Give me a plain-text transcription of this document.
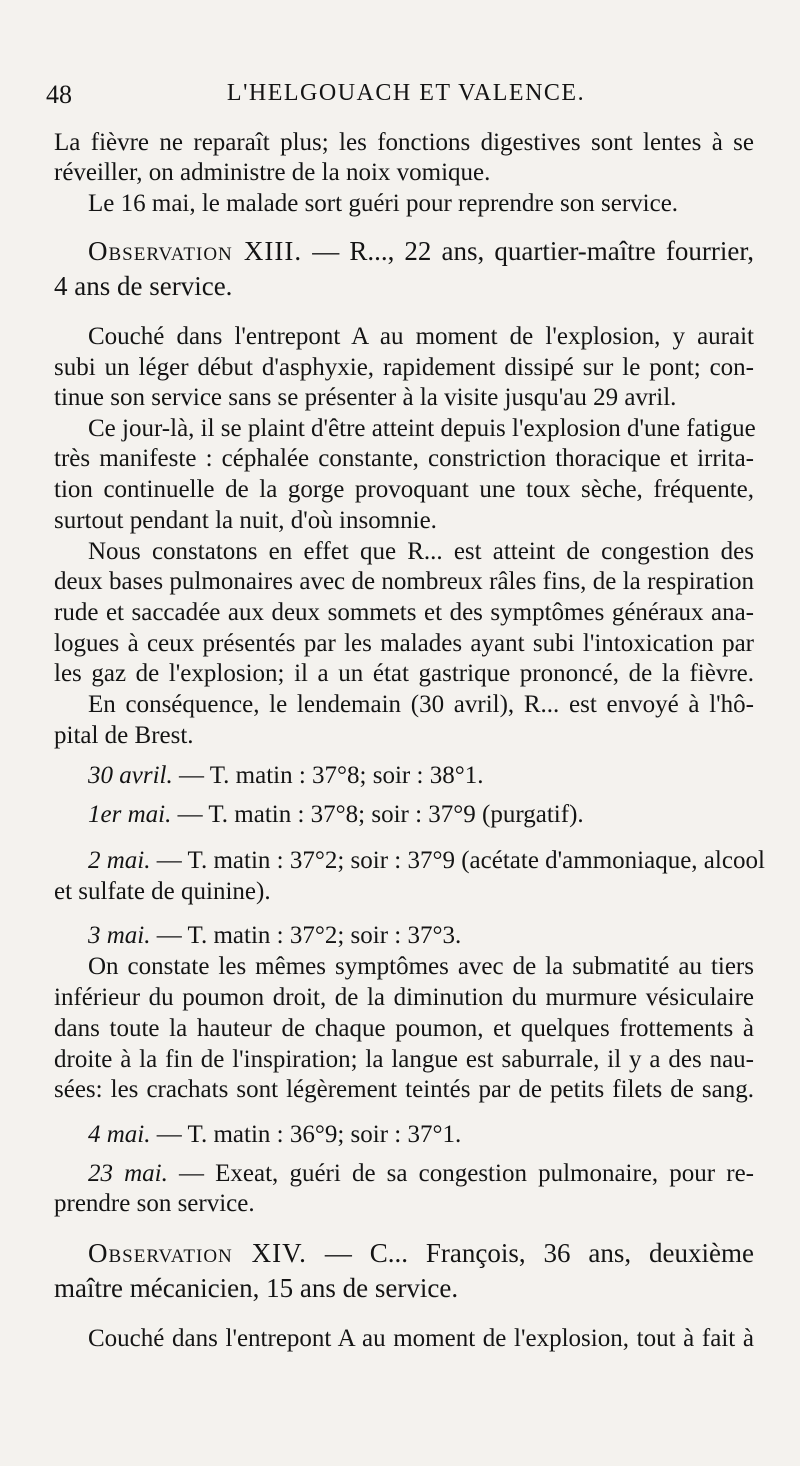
48	L'HELGOUACH ET VALENCE.
La fièvre ne reparaît plus; les fonctions digestives sont lentes à se
réveiller, on administre de la noix vomique.
Le 16 mai, le malade sort guéri pour reprendre son service.
Observation XIII. — R..., 22 ans, quartier-maître fourrier,
4 ans de service.
Couché dans l'entrepont A au moment de l'explosion, y aurait
subi un léger début d'asphyxie, rapidement dissipé sur le pont; con-
tinue son service sans se présenter à la visite jusqu'au 29 avril.
Ce jour-là, il se plaint d'être atteint depuis l'explosion d'une fatigue
très manifeste : céphalée constante, constriction thoracique et irrita-
tion continuelle de la gorge provoquant une toux sèche, fréquente,
surtout pendant la nuit, d'où insomnie.
Nous constatons en effet que R... est atteint de congestion des
deux bases pulmonaires avec de nombreux râles fins, de la respiration
rude et saccadée aux deux sommets et des symptômes généraux ana-
logues à ceux présentés par les malades ayant subi l'intoxication par
les gaz de l'explosion; il a un état gastrique prononcé, de la fièvre.
En conséquence, le lendemain (30 avril), R... est envoyé à l'hô-
pital de Brest.
30 avril. — T. matin : 37°8; soir : 38°1.
1er mai. — T. matin : 37°8; soir : 37°9 (purgatif).
2 mai. — T. matin : 37°2; soir : 37°9 (acétate d'ammoniaque, alcool
et sulfate de quinine).
3 mai. — T. matin : 37°2; soir : 37°3.
On constate les mêmes symptômes avec de la submatité au tiers
inférieur du poumon droit, de la diminution du murmure vésiculaire
dans toute la hauteur de chaque poumon, et quelques frottements à
droite à la fin de l'inspiration; la langue est saburrale, il y a des nau-
sées: les crachats sont légèrement teintés par de petits filets de sang.
4 mai. — T. matin : 36°9; soir : 37°1.
23 mai. — Exeat, guéri de sa congestion pulmonaire, pour re-
prendre son service.
Observation XIV. — C... François, 36 ans, deuxième
maître mécanicien, 15 ans de service.
Couché dans l'entrepont A au moment de l'explosion, tout à fait à
